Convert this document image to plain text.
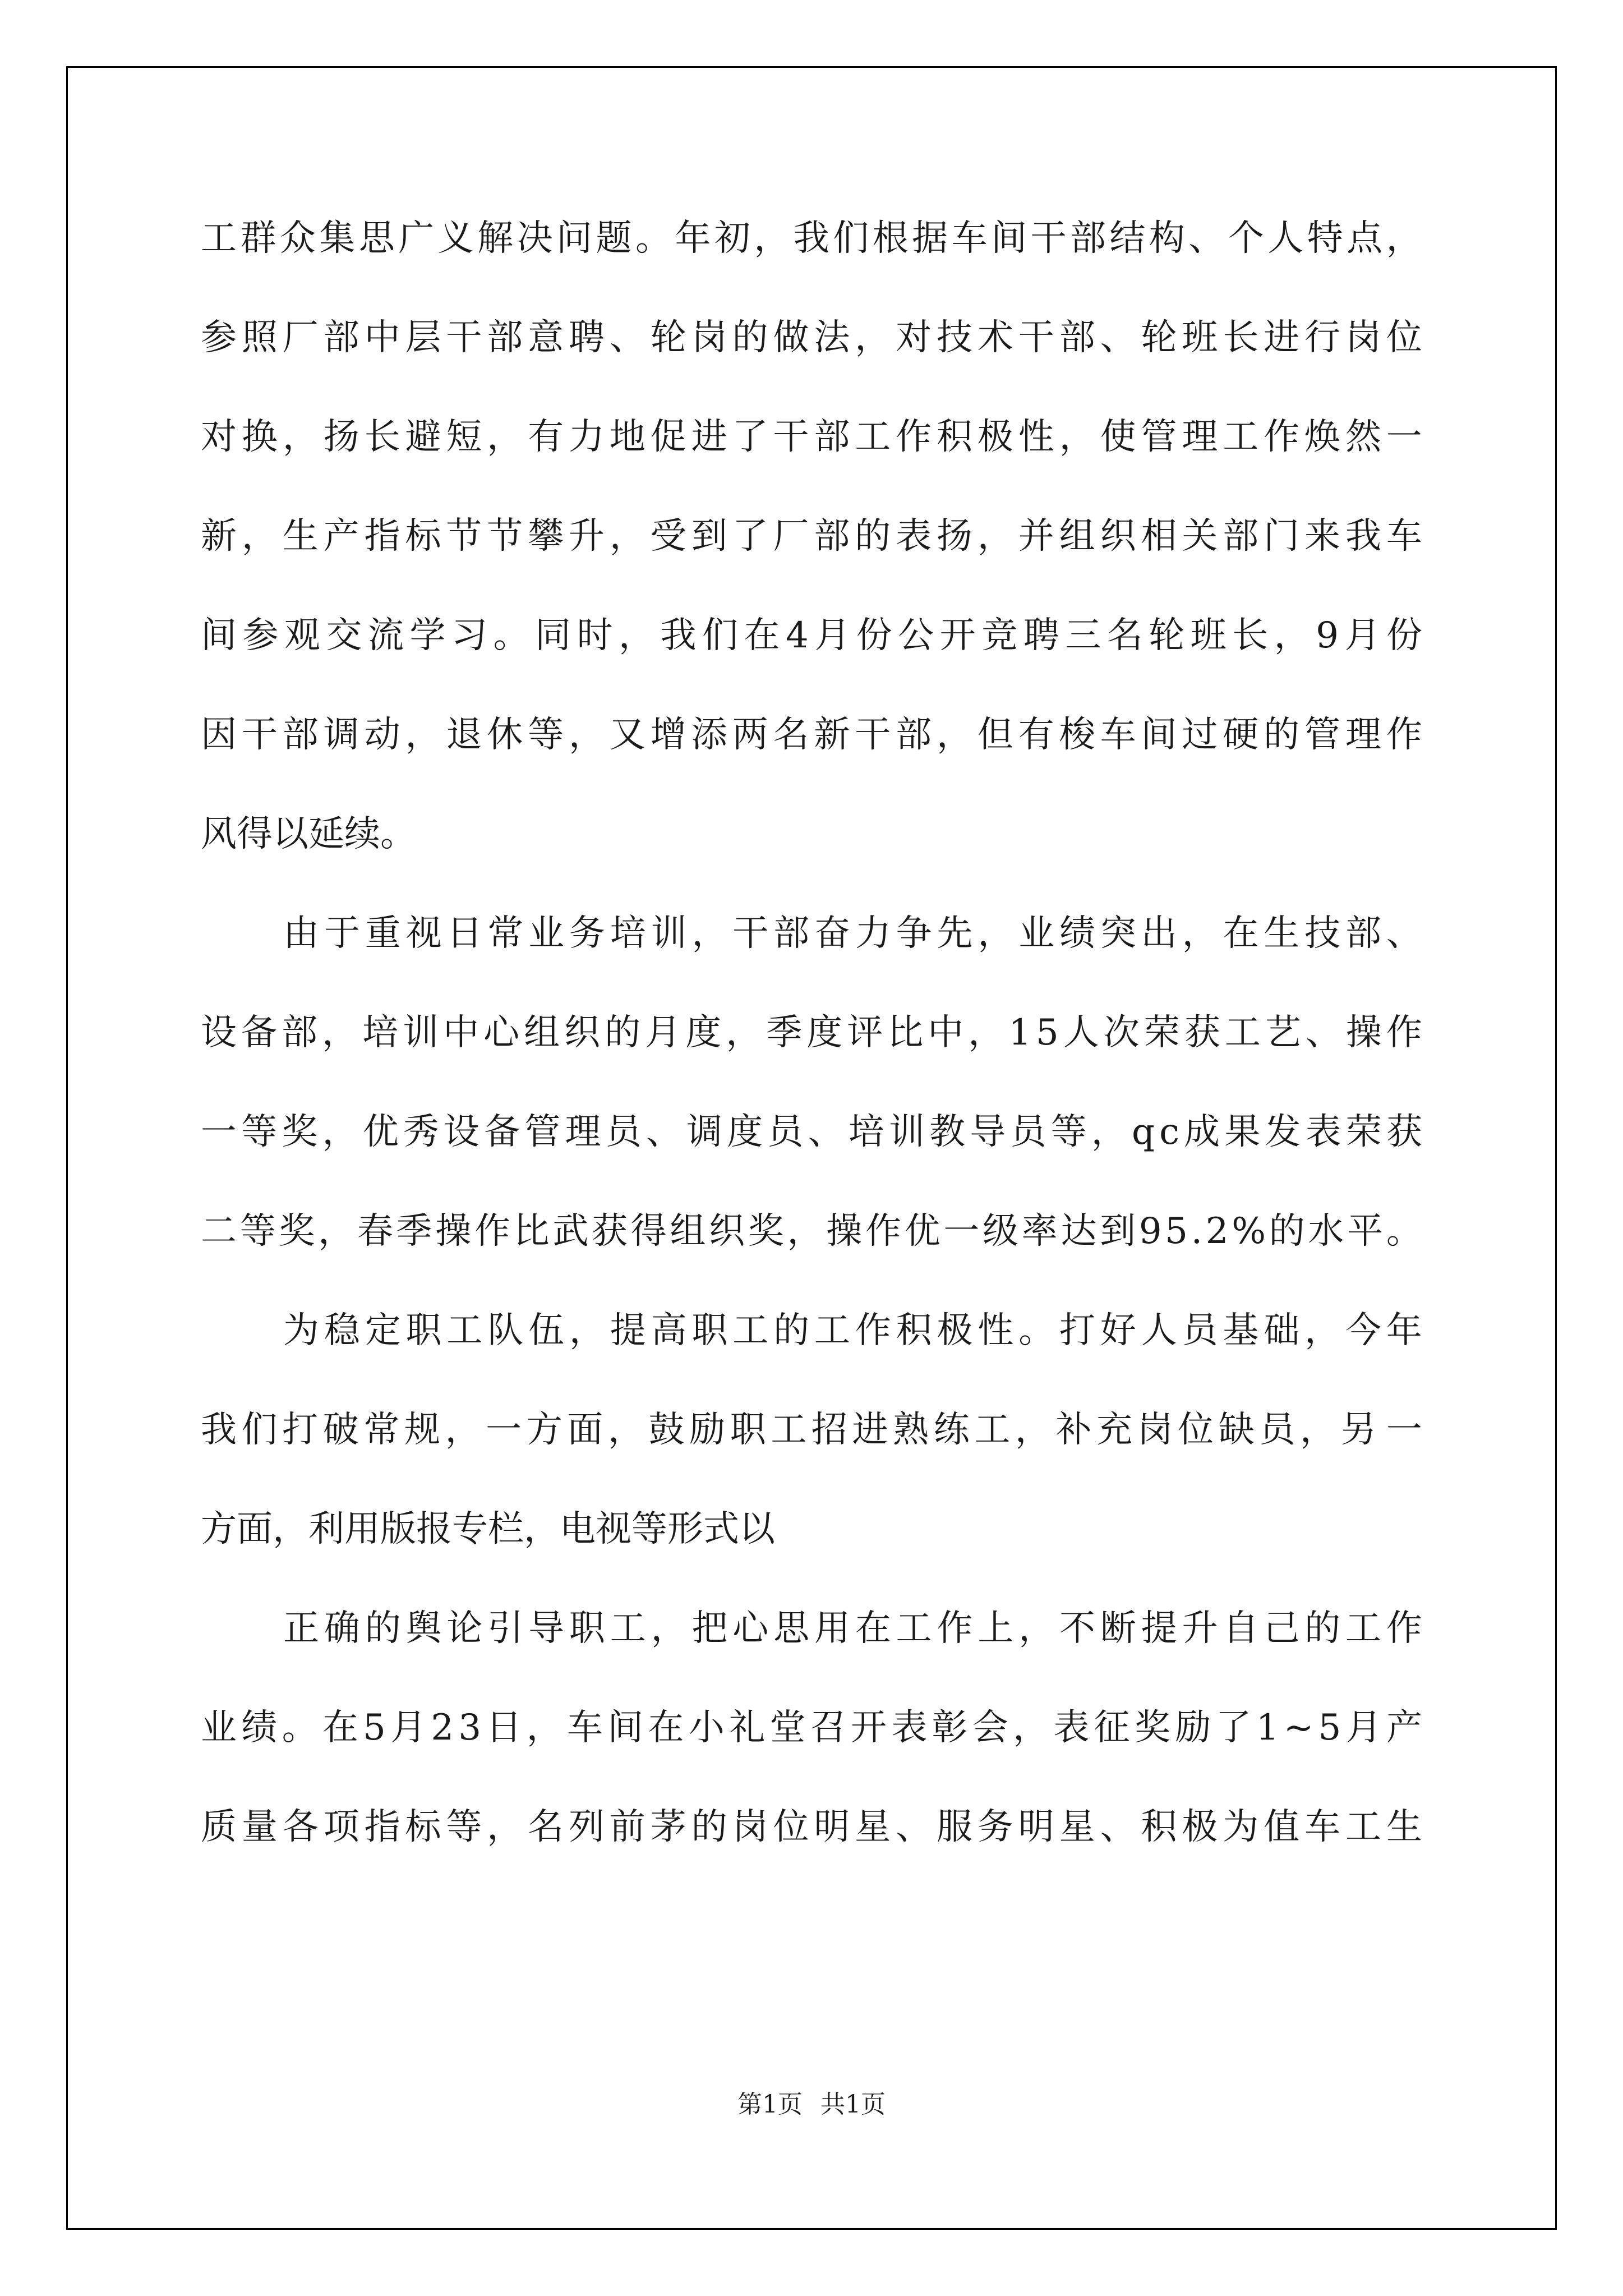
工 群 众 集 思 广 义 解 决 问 题 。 年 初 ， 我 们 根 据 车 间 干 部 结 构 、 个 人 特 点 ，
参 照 厂 部 中 层 干 部 意 聘 、 轮 岗 的 做 法 ， 对 技 术 干 部 、 轮 班 长 进 行 岗 位
对 换 ， 扬 长 避 短 ， 有 力 地 促 进 了 干 部 工 作 积 极 性 ， 使 管 理 工 作 焕 然 一
新 ， 生 产 指 标 节 节 攀 升 ， 受 到 了 厂 部 的 表 扬 ， 并 组 织 相 关 部 门 来 我 车
间 参 观 交 流 学 习 。 同 时 ， 我 们 在 4 月 份 公 开 竞 聘 三 名 轮 班 长 ， 9 月 份
因 干 部 调 动 ， 退 休 等 ， 又 增 添 两 名 新 干 部 ， 但 有 梭 车 间 过 硬 的 管 理 作
风得以延续。
由 于 重 视 日 常 业 务 培 训 ， 干 部 奋 力 争 先 ， 业 绩 突 出 ， 在 生 技 部 、
设 备 部 ， 培 训 中 心 组 织 的 月 度 ， 季 度 评 比 中 ， 1 5 人 次 荣 获 工 艺 、 操 作
一 等 奖 ， 优 秀 设 备 管 理 员 、 调 度 员 、 培 训 教 导 员 等 ， q c 成 果 发 表 荣 获
二 等 奖 ， 春 季 操 作 比 武 获 得 组 织 奖 ， 操 作 优 一 级 率 达 到 9 5 . 2 % 的 水 平 。
为 稳 定 职 工 队 伍 ， 提 高 职 工 的 工 作 积 极 性 。 打 好 人 员 基 础 ， 今 年
我 们 打 破 常 规 ， 一 方 面 ， 鼓 励 职 工 招 进 熟 练 工 ， 补 充 岗 位 缺 员 ， 另 一
方面，利用版报专栏，电视等形式以
正 确 的 舆 论 引 导 职 工 ， 把 心 思 用 在 工 作 上 ， 不 断 提 升 自 己 的 工 作
业 绩 。 在 5 月 2 3 日 ， 车 间 在 小 礼 堂 召 开 表 彰 会 ， 表 征 奖 励 了 1 ~ 5 月 产
质 量 各 项 指 标 等 ， 名 列 前 茅 的 岗 位 明 星 、 服 务 明 星 、 积 极 为 值 车 工 生
第1页 共1页
